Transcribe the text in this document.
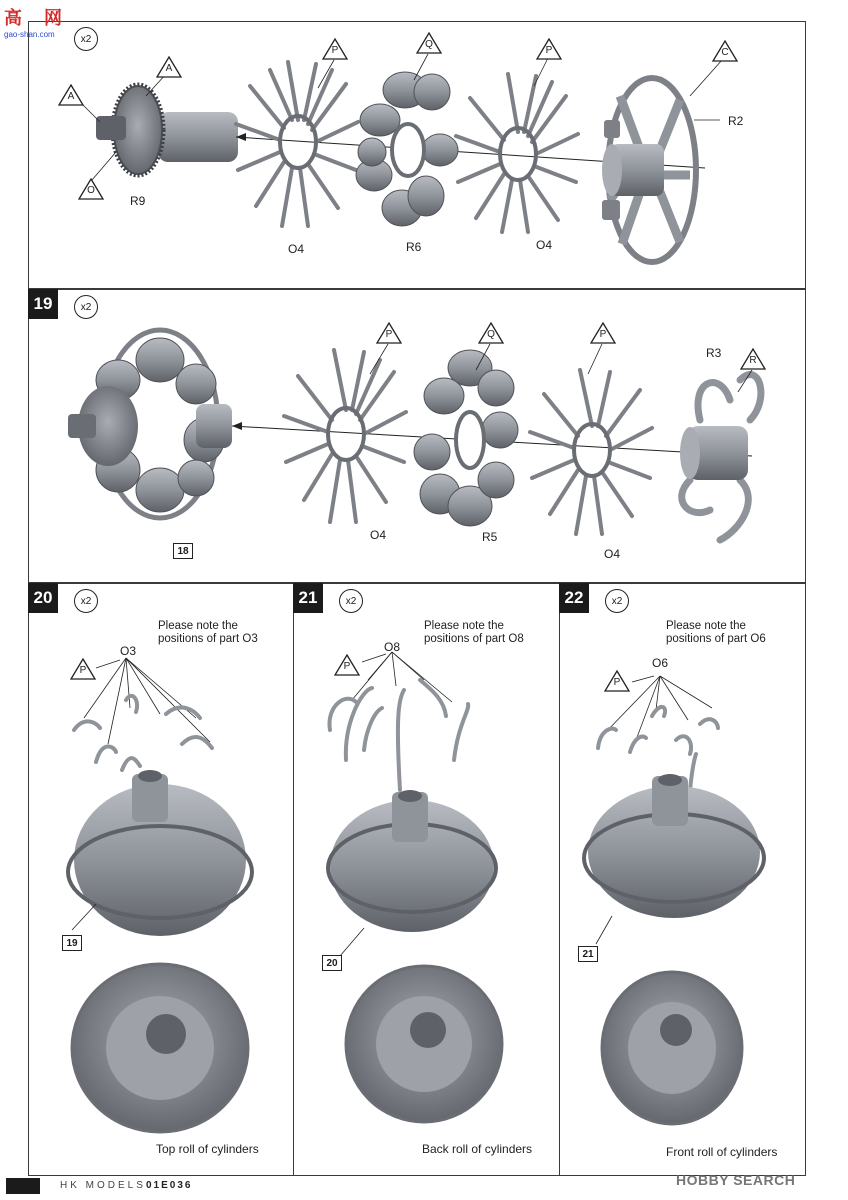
x2
A
A
O
R9
O4
P
Q
R6
P
O4
C
R2
19	x2
18
P
O4
Q
R5
P
O4
R3
R
20	x2
Please note the positions of part O3
O3
P
19
Top roll of cylinders
21	x2
Please note the positions of part O8
O8
P
20
Back roll of cylinders
22	x2
Please note the positions of part O6
O6
P
21
Front roll of cylinders
高 网
gao-shan.com
HOBBY SEARCH
HK MODELS 01E036
